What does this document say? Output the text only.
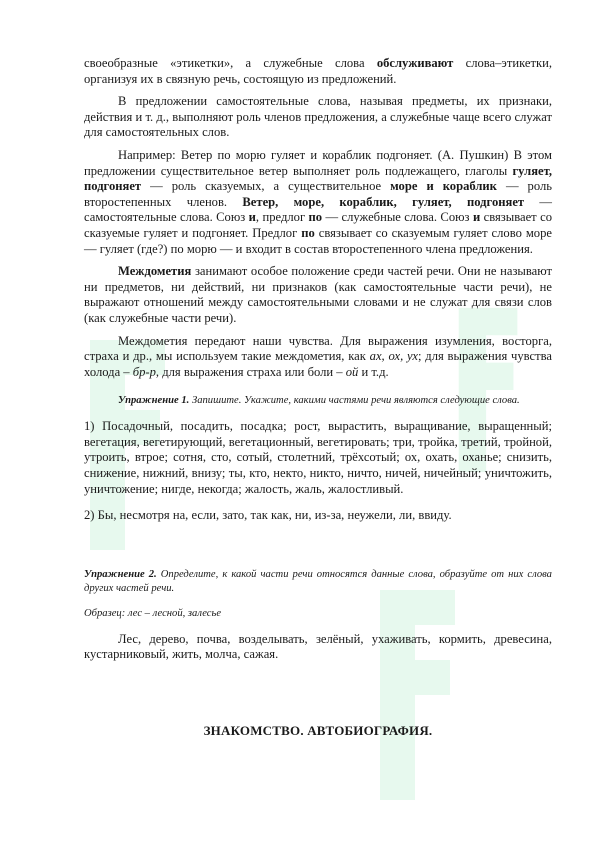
своеобразные «этикетки», а служебные слова обслуживают слова–этикетки, организуя их в связную речь, состоящую из предложений.

В предложении самостоятельные слова, называя предметы, их признаки, действия и т. д., выполняют роль членов предложения, а служебные чаще всего служат для самостоятельных слов.

Например: Ветер по морю гуляет и кораблик подгоняет. (А. Пушкин) В этом предложении существительное ветер выполняет роль подлежащего, глаголы гуляет, подгоняет — роль сказуемых, а существительное море и кораблик — роль второстепенных членов. Ветер, море, кораблик, гуляет, подгоняет — самостоятельные слова. Союз и, предлог по — служебные слова. Союз и связывает со сказуемые гуляет и подгоняет. Предлог по связывает со сказуемым гуляет слово море — гуляет (где?) по морю — и входит в состав второстепенного члена предложения.

Междометия занимают особое положение среди частей речи. Они не называют ни предметов, ни действий, ни признаков (как самостоятельные части речи), не выражают отношений между самостоятельными словами и не служат для связи слов (как служебные части речи).

Междометия передают наши чувства. Для выражения изумления, восторга, страха и др., мы используем такие междометия, как ах, ох, ух; для выражения чувства холода – бр-р, для выражения страха или боли – ой и т.д.

Упражнение 1. Запишите. Укажите, какими частями речи являются следующие слова.

1) Посадочный, посадить, посадка; рост, вырастить, выращивание, выращенный; вегетация, вегетирующий, вегетационный, вегетировать; три, тройка, третий, тройной, утроить, втрое; сотня, сто, сотый, столетний, трёхсотый; ох, охать, оханье; снизить, снижение, нижний, внизу; ты, кто, некто, никто, ничто, ничей, ничейный; уничтожить, уничтожение; нигде, некогда; жалость, жаль, жалостливый.

2) Бы, несмотря на, если, зато, так как, ни, из-за, неужели, ли, ввиду.

Упражнение 2. Определите, к какой части речи относятся данные слова, образуйте от них слова других частей речи.

Образец: лес – лесной, залесье

Лес, дерево, почва, возделывать, зелёный, ухаживать, кормить, древесина, кустарниковый, жить, молча, сажая.

ЗНАКОМСТВО. АВТОБИОГРАФИЯ.
